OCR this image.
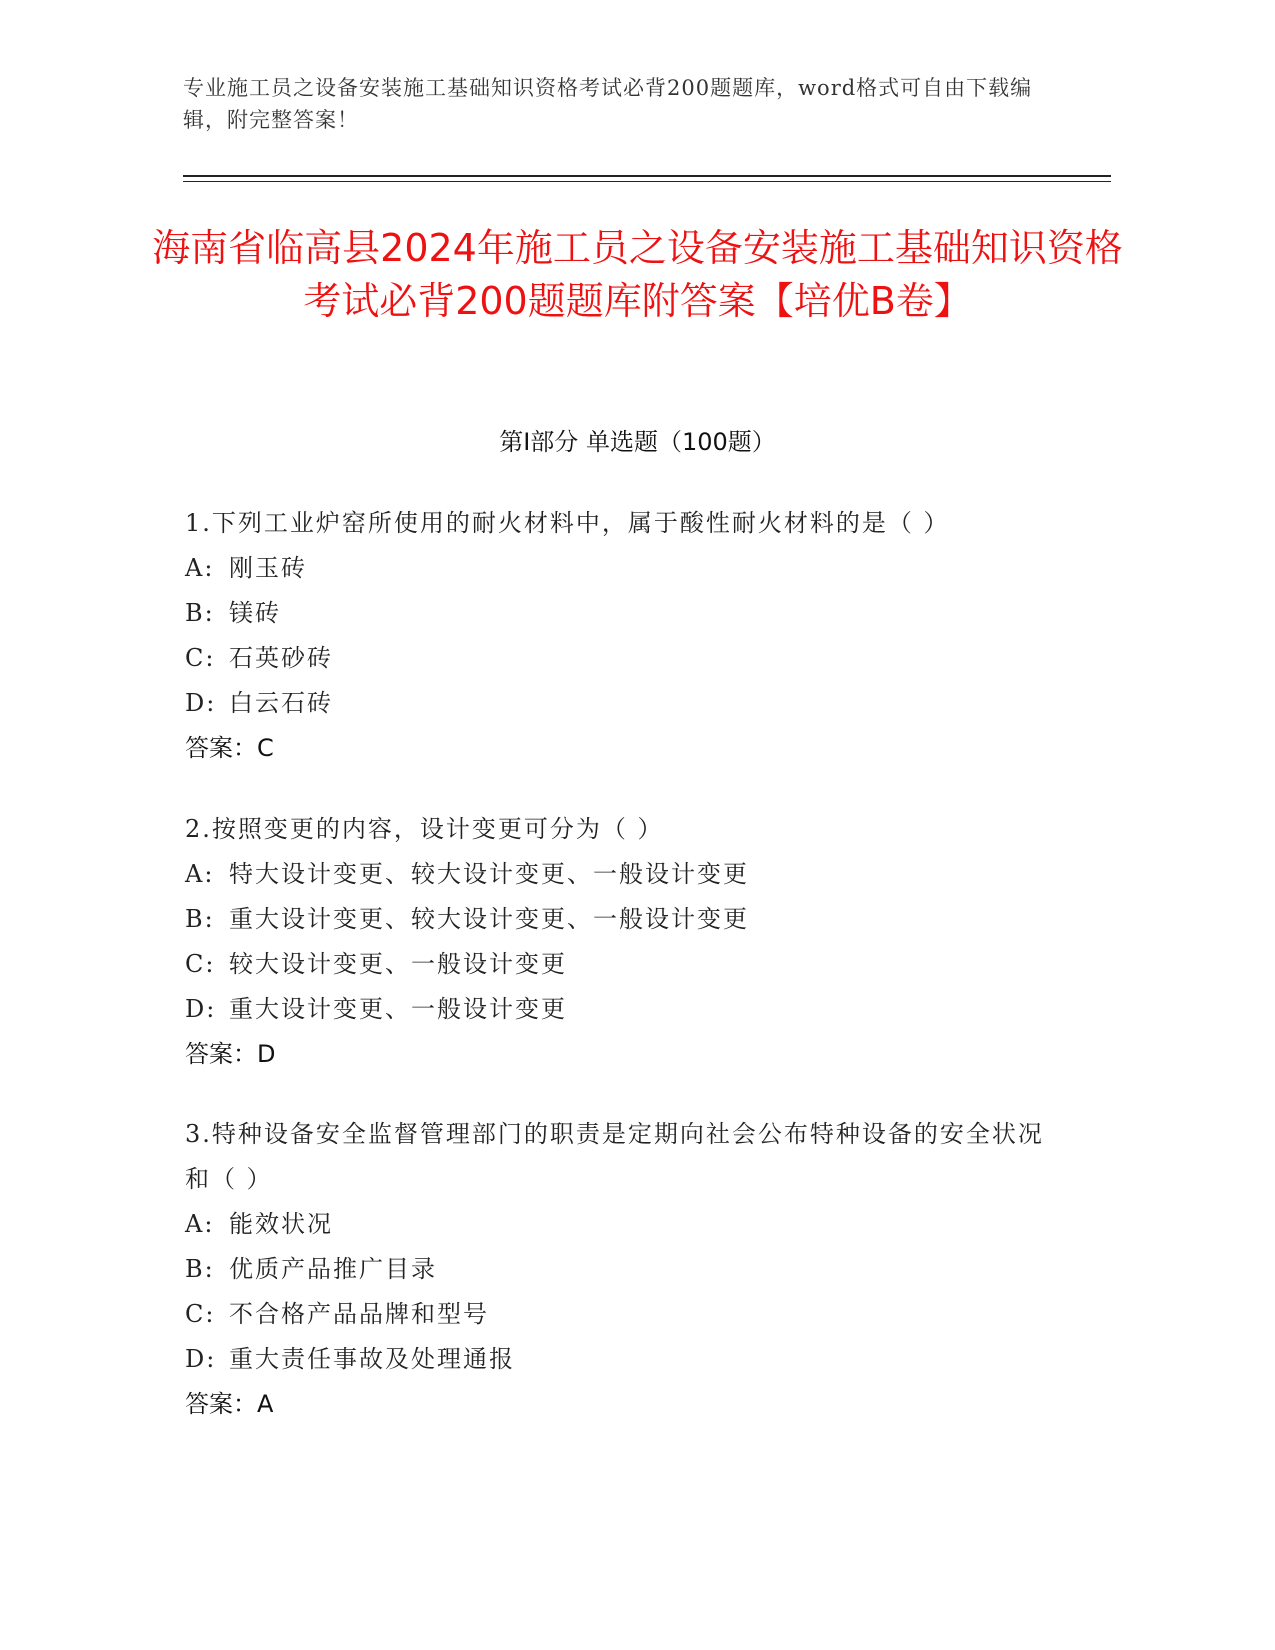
专业施工员之设备安装施工基础知识资格考试必背200题题库，word格式可自由下载编辑，附完整答案！
海南省临高县2024年施工员之设备安装施工基础知识资格考试必背200题题库附答案【培优B卷】
第I部分 单选题（100题）
1.下列工业炉窑所使用的耐火材料中，属于酸性耐火材料的是（ ）
A: 刚玉砖
B: 镁砖
C: 石英砂砖
D: 白云石砖
答案：C
2.按照变更的内容，设计变更可分为（ ）
A: 特大设计变更、较大设计变更、一般设计变更
B: 重大设计变更、较大设计变更、一般设计变更
C: 较大设计变更、一般设计变更
D: 重大设计变更、一般设计变更
答案：D
3.特种设备安全监督管理部门的职责是定期向社会公布特种设备的安全状况和（ ）
A: 能效状况
B: 优质产品推广目录
C: 不合格产品品牌和型号
D: 重大责任事故及处理通报
答案：A
